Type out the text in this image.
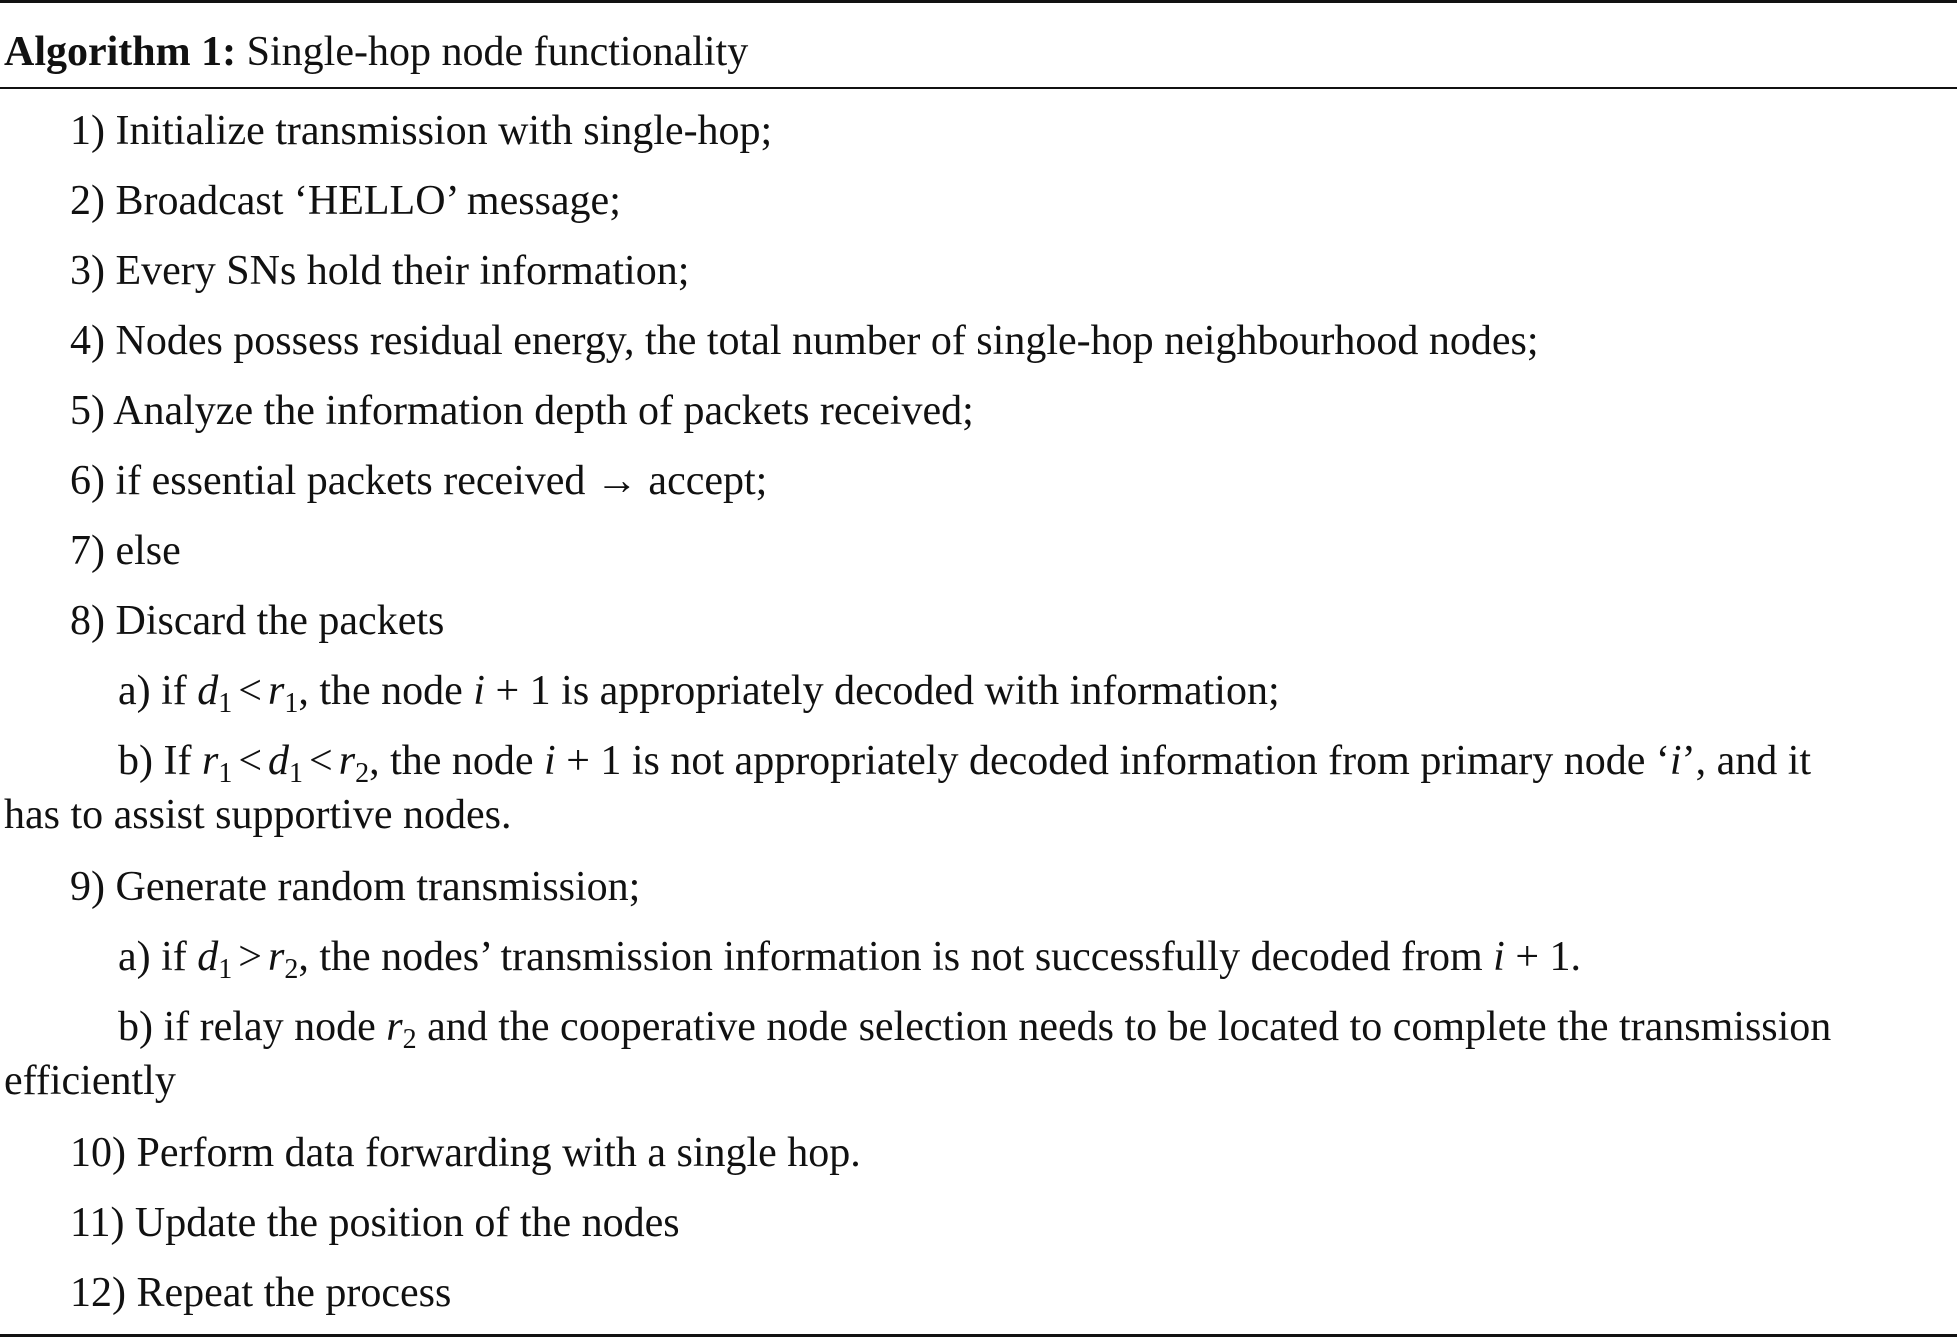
Algorithm 1: Single-hop node functionality
1) Initialize transmission with single-hop;
2) Broadcast ‘HELLO’ message;
3) Every SNs hold their information;
4) Nodes possess residual energy, the total number of single-hop neighbourhood nodes;
5) Analyze the information depth of packets received;
6) if essential packets received → accept;
7) else
8) Discard the packets
a) if $d_1 < r_1$, the node i + 1 is appropriately decoded with information;
b) If $r_1 < d_1 < r_2$, the node i + 1 is not appropriately decoded information from primary node ‘i’, and it
has to assist supportive nodes.
9) Generate random transmission;
a) if $d_1 > r_2$, the nodes’ transmission information is not successfully decoded from i + 1.
b) if relay node $r_2$ and the cooperative node selection needs to be located to complete the transmission
efficiently
10) Perform data forwarding with a single hop.
11) Update the position of the nodes
12) Repeat the process
